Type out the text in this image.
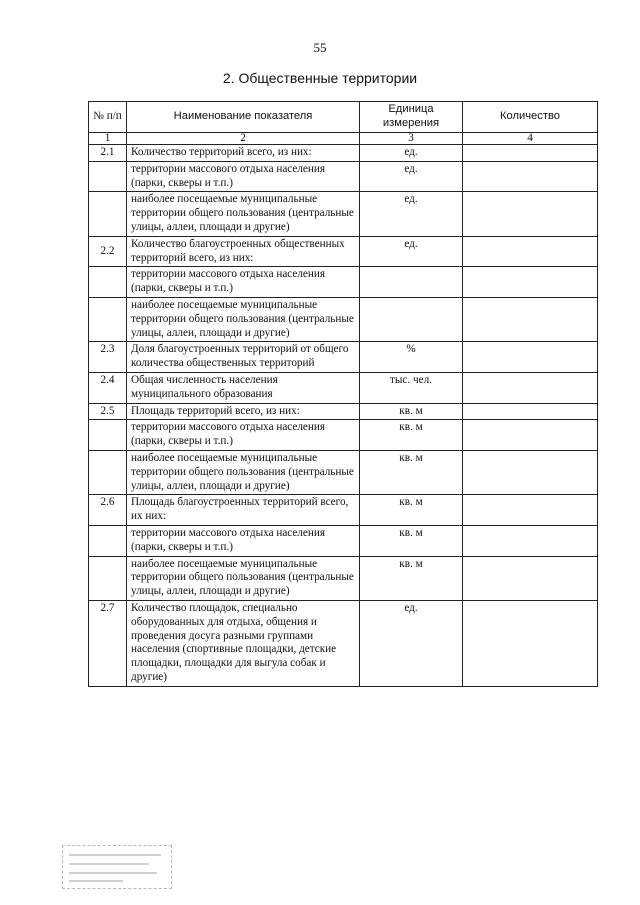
55
2. Общественные территории
№ п/п	Наименование показателя	Единица измерения	Количество
1	2	3	4
2.1	Количество территорий всего, из них:	ед.	
	территории массового отдыха населения (парки, скверы и т.п.)	ед.	
	наиболее посещаемые муниципальные территории общего пользования (центральные улицы, аллеи, площади и другие)	ед.	
2.2	Количество благоустроенных общественных территорий всего, из них:	ед.	
	территории массового отдыха населения (парки, скверы и т.п.)		
	наиболее посещаемые муниципальные территории общего пользования (центральные улицы, аллеи, площади и другие)		
2.3	Доля благоустроенных территорий от общего количества общественных территорий	%	
2.4	Общая численность населения муниципального образования	тыс. чел.	
2.5	Площадь территорий всего, из них:	кв. м	
	территории массового отдыха населения (парки, скверы и т.п.)	кв. м	
	наиболее посещаемые муниципальные территории общего пользования (центральные улицы, аллеи, площади и другие)	кв. м	
2.6	Площадь благоустроенных территорий всего, их них:	кв. м	
	территории массового отдыха населения (парки, скверы и т.п.)	кв. м	
	наиболее посещаемые муниципальные территории общего пользования (центральные улицы, аллеи, площади и другие)	кв. м	
2.7	Количество площадок, специально оборудованных для отдыха, общения и проведения досуга разными группами населения (спортивные площадки, детские площадки, площадки для выгула собак и другие)	ед.	
